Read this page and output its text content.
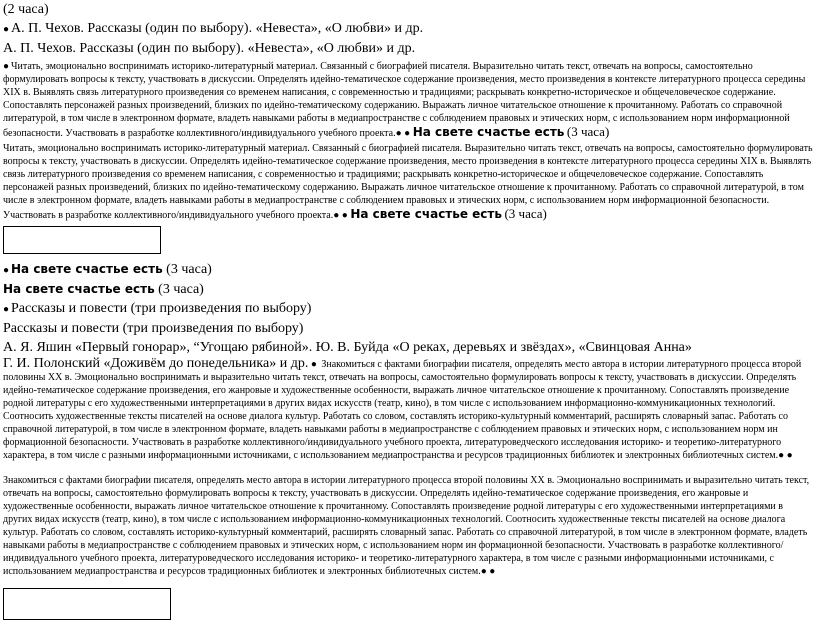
(2 часа)

● А. П. Чехов. Рассказы (один по выбору). «Невеста», «О любви» и др.

А. П. Чехов. Рассказы (один по выбору). «Невеста», «О любви» и др.

● Читать, эмоционально воспринимать историко-литературный материал. Связанный с биографией писателя. Выразительно читать текст, отвечать на вопросы, самостоятельно формулировать вопросы к тексту, участвовать в дискуссии. Определять идейно-тематическое содержание произведения, место произведения в контексте литературного процесса середины XIX в. Выявлять связь литературного произведения со временем написания, с современностью и традициями; раскрывать конкретно-историческое и общечеловеческое содержание. Сопоставлять персонажей разных произведений, близких по идейно-тематическому содержанию. Выражать личное читательское отношение к прочитанному. Работать со справочной литературой, в том числе в электронном формате, владеть навыками работы в медиапространстве с соблюдением правовых и этических норм, с использованием норм информационной безопасности. Участвовать в разработке коллективного/индивидуального учебного проекта.● ● На свете счастье есть (3 часа)

Читать, эмоционально воспринимать историко-литературный материал. Связанный с биографией писателя. Выразительно читать текст, отвечать на вопросы, самостоятельно формулировать вопросы к тексту, участвовать в дискуссии. Определять идейно-тематическое содержание произведения, место произведения в контексте литературного процесса середины XIX в. Выявлять связь литературного произведения со временем написания, с современностью и традициями; раскрывать конкретно-историческое и общечеловеческое содержание. Сопоставлять персонажей разных произведений, близких по идейно-тематическому содержанию. Выражать личное читательское отношение к прочитанному. Работать со справочной литературой, в том числе в электронном формате, владеть навыками работы в медиапространстве с соблюдением правовых и этических норм, с использованием норм информационной безопасности. Участвовать в разработке коллективного/индивидуального учебного проекта.● ● На свете счастье есть (3 часа)

● На свете счастье есть (3 часа)

На свете счастье есть (3 часа)

● Рассказы и повести (три произведения по выбору)

Рассказы и повести (три произведения по выбору)

А. Я. Яшин «Первый гонорар», “Угощаю рябиной». Ю. В. Буйда «О реках, деревьях и звёздах», «Свинцовая Анна»

Г. И. Полонский «Доживём до понедельника» и др. ● Знакомиться с фактами биографии писателя, определять место автора в истории литературного процесса второй половины XX в. Эмоционально воспринимать и выразительно читать текст, отвечать на вопросы, самостоятельно формулировать вопросы к тексту, участвовать в дискуссии. Определять идейно-тематическое содержание произведения, его жанровые и художественные особенности, выражать личное читательское отношение к прочитанному. Сопоставлять произведение родной литературы с его художественными интерпретациями в других видах искусств (театр, кино), в том числе с использованием информационно-коммуникационных технологий. Соотносить художественные тексты писателей на основе диалога культур. Работать со словом, составлять историко-культурный комментарий, расширять словарный запас. Работать со справочной литературой, в том числе в электронном формате, владеть навыками работы в медиапространстве с соблюдением правовых и этических норм, с использованием норм ин формационной безопасности. Участвовать в разработке коллективного/индивидуального учебного проекта, литературоведческого исследования историко- и теоретико-литературного характера, в том числе с разными информационными источниками, с использованием медиапространства и ресурсов традиционных библиотек и электронных библиотечных систем.● ●

Знакомиться с фактами биографии писателя, определять место автора в истории литературного процесса второй половины XX в. Эмоционально воспринимать и выразительно читать текст, отвечать на вопросы, самостоятельно формулировать вопросы к тексту, участвовать в дискуссии. Определять идейно-тематическое содержание произведения, его жанровые и художественные особенности, выражать личное читательское отношение к прочитанному. Сопоставлять произведение родной литературы с его художественными интерпретациями в других видах искусств (театр, кино), в том числе с использованием информационно-коммуникационных технологий. Соотносить художественные тексты писателей на основе диалога культур. Работать со словом, составлять историко-культурный комментарий, расширять словарный запас. Работать со справочной литературой, в том числе в электронном формате, владеть навыками работы в медиапространстве с соблюдением правовых и этических норм, с использованием норм ин формационной безопасности. Участвовать в разработке коллективного/индивидуального учебного проекта, литературоведческого исследования историко- и теоретико-литературного характера, в том числе с разными информационными источниками, с использованием медиапространства и ресурсов традиционных библиотек и электронных библиотечных систем.● ●
